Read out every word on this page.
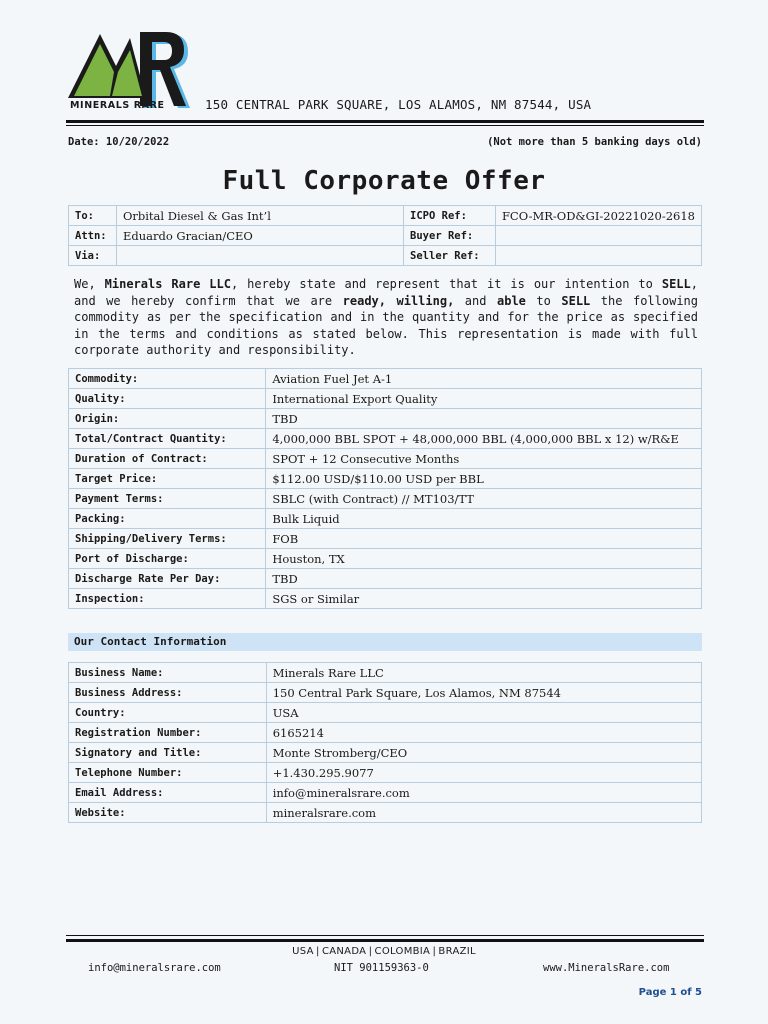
MINERALS RARE	150 CENTRAL PARK SQUARE, LOS ALAMOS, NM 87544, USA
Date: 10/20/2022	(Not more than 5 banking days old)
Full Corporate Offer
To:	Orbital Diesel & Gas Int’l	ICPO Ref:	FCO-MR-OD&GI-20221020-2618
Attn:	Eduardo Gracian/CEO	Buyer Ref:	
Via:		Seller Ref:	
We, Minerals Rare LLC, hereby state and represent that it is our intention to SELL, and we hereby confirm that we are ready, willing, and able to SELL the following commodity as per the specification and in the quantity and for the price as specified in the terms and conditions as stated below. This representation is made with full corporate authority and responsibility.
Commodity:	Aviation Fuel Jet A-1
Quality:	International Export Quality
Origin:	TBD
Total/Contract Quantity:	4,000,000 BBL SPOT + 48,000,000 BBL (4,000,000 BBL x 12) w/R&E
Duration of Contract:	SPOT + 12 Consecutive Months
Target Price:	$112.00 USD/$110.00 USD per BBL
Payment Terms:	SBLC (with Contract) // MT103/TT
Packing:	Bulk Liquid
Shipping/Delivery Terms:	FOB
Port of Discharge:	Houston, TX
Discharge Rate Per Day:	TBD
Inspection:	SGS or Similar
Our Contact Information
Business Name:	Minerals Rare LLC
Business Address:	150 Central Park Square, Los Alamos, NM 87544
Country:	USA
Registration Number:	6165214
Signatory and Title:	Monte Stromberg/CEO
Telephone Number:	+1.430.295.9077
Email Address:	info@mineralsrare.com
Website:	mineralsrare.com
USA | CANADA | COLOMBIA | BRAZIL
info@mineralsrare.com	NIT 901159363-0	www.MineralsRare.com
Page 1 of 5
